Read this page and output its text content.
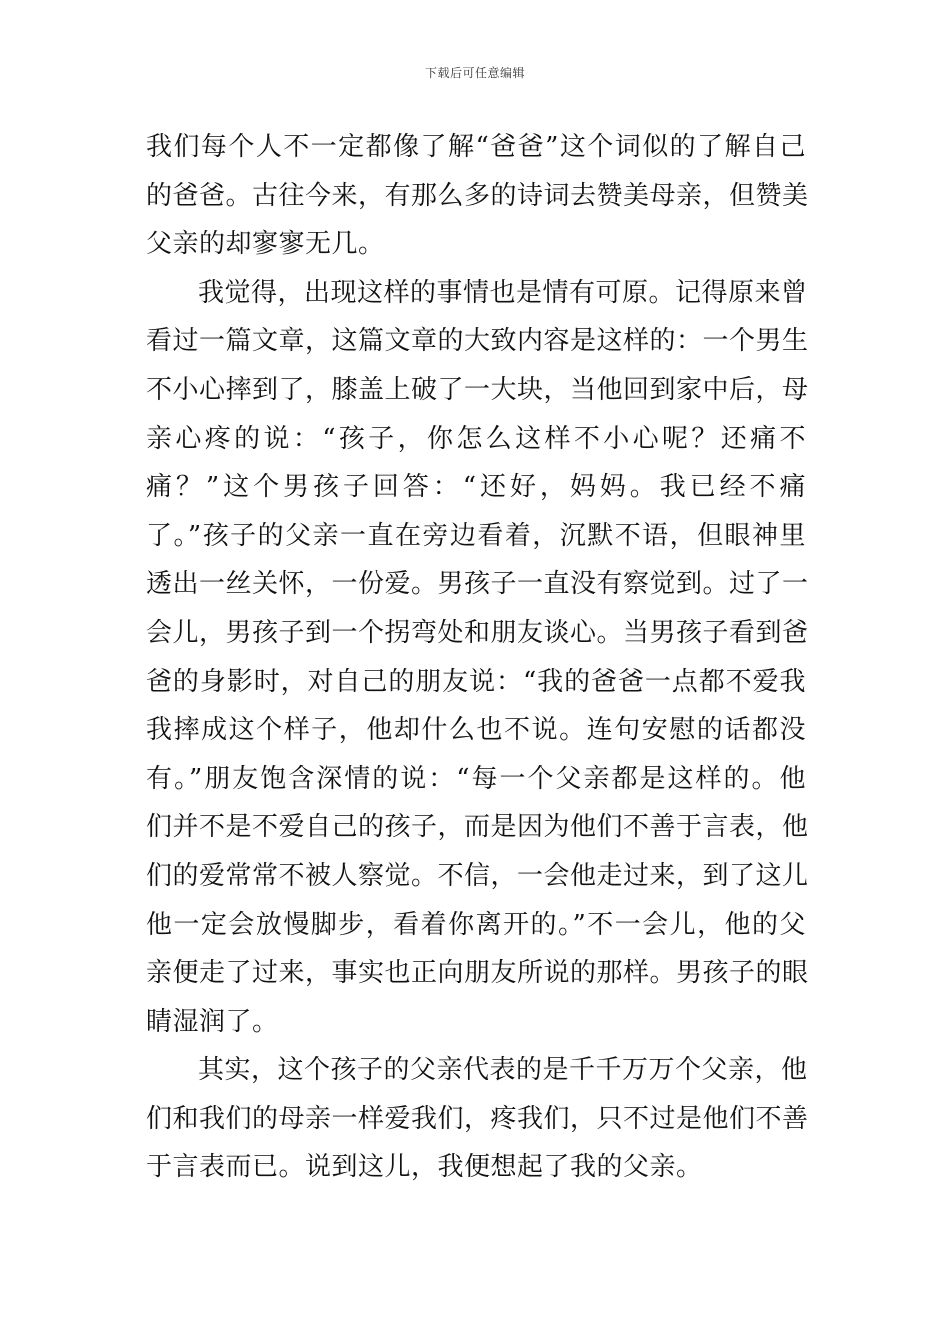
下载后可任意编辑
我们每个人不一定都像了解“爸爸”这个词似的了解自己
的爸爸。古往今来，有那么多的诗词去赞美母亲，但赞美
父亲的却寥寥无几。
我觉得，出现这样的事情也是情有可原。记得原来曾
看过一篇文章，这篇文章的大致内容是这样的：一个男生
不小心摔到了，膝盖上破了一大块，当他回到家中后，母
亲心疼的说：“孩子，你怎么这样不小心呢？还痛不
痛？”这个男孩子回答：“还好，妈妈。我已经不痛
了。”孩子的父亲一直在旁边看着，沉默不语，但眼神里
透出一丝关怀，一份爱。男孩子一直没有察觉到。过了一
会儿，男孩子到一个拐弯处和朋友谈心。当男孩子看到爸
爸的身影时，对自己的朋友说：“我的爸爸一点都不爱我
我摔成这个样子，他却什么也不说。连句安慰的话都没
有。”朋友饱含深情的说：“每一个父亲都是这样的。他
们并不是不爱自己的孩子，而是因为他们不善于言表，他
们的爱常常不被人察觉。不信，一会他走过来，到了这儿
他一定会放慢脚步，看着你离开的。”不一会儿，他的父
亲便走了过来，事实也正向朋友所说的那样。男孩子的眼
睛湿润了。
其实，这个孩子的父亲代表的是千千万万个父亲，他
们和我们的母亲一样爱我们，疼我们，只不过是他们不善
于言表而已。说到这儿，我便想起了我的父亲。
